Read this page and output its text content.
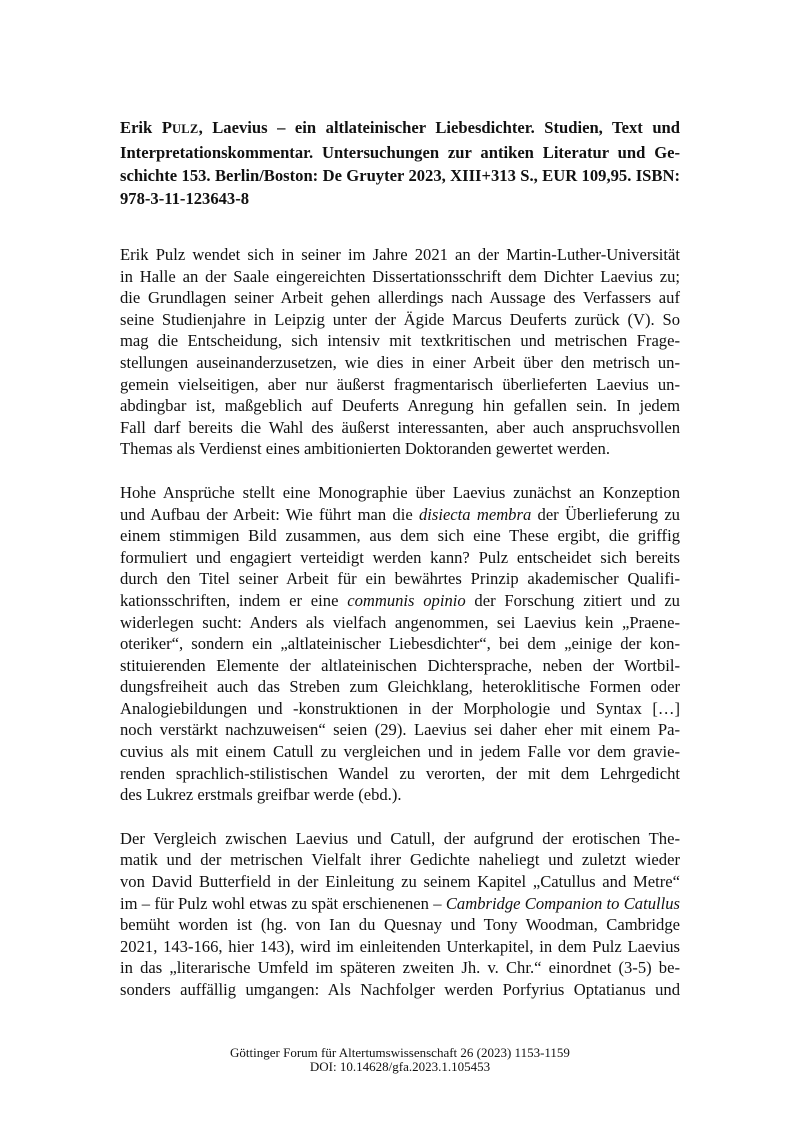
Erik PULZ, Laevius – ein altlateinischer Liebesdichter. Studien, Text und
Interpretationskommentar. Untersuchungen zur antiken Literatur und Ge-
schichte 153. Berlin/Boston: De Gruyter 2023, XIII+313 S., EUR 109,95. ISBN:
978-3-11-123643-8
Erik Pulz wendet sich in seiner im Jahre 2021 an der Martin-Luther-Universität
in Halle an der Saale eingereichten Dissertationsschrift dem Dichter Laevius zu;
die Grundlagen seiner Arbeit gehen allerdings nach Aussage des Verfassers auf
seine Studienjahre in Leipzig unter der Ägide Marcus Deuferts zurück (V). So
mag die Entscheidung, sich intensiv mit textkritischen und metrischen Frage-
stellungen auseinanderzusetzen, wie dies in einer Arbeit über den metrisch un-
gemein vielseitigen, aber nur äußerst fragmentarisch überlieferten Laevius un-
abdingbar ist, maßgeblich auf Deuferts Anregung hin gefallen sein. In jedem
Fall darf bereits die Wahl des äußerst interessanten, aber auch anspruchsvollen
Themas als Verdienst eines ambitionierten Doktoranden gewertet werden.
Hohe Ansprüche stellt eine Monographie über Laevius zunächst an Konzeption
und Aufbau der Arbeit: Wie führt man die disiecta membra der Überlieferung zu
einem stimmigen Bild zusammen, aus dem sich eine These ergibt, die griffig
formuliert und engagiert verteidigt werden kann? Pulz entscheidet sich bereits
durch den Titel seiner Arbeit für ein bewährtes Prinzip akademischer Qualifi-
kationsschriften, indem er eine communis opinio der Forschung zitiert und zu
widerlegen sucht: Anders als vielfach angenommen, sei Laevius kein „Praene-
oteriker“, sondern ein „altlateinischer Liebesdichter“, bei dem „einige der kon-
stituierenden Elemente der altlateinischen Dichtersprache, neben der Wortbil-
dungsfreiheit auch das Streben zum Gleichklang, heteroklitische Formen oder
Analogiebildungen und -konstruktionen in der Morphologie und Syntax […]
noch verstärkt nachzuweisen“ seien (29). Laevius sei daher eher mit einem Pa-
cuvius als mit einem Catull zu vergleichen und in jedem Falle vor dem gravie-
renden sprachlich-stilistischen Wandel zu verorten, der mit dem Lehrgedicht
des Lukrez erstmals greifbar werde (ebd.).
Der Vergleich zwischen Laevius und Catull, der aufgrund der erotischen The-
matik und der metrischen Vielfalt ihrer Gedichte naheliegt und zuletzt wieder
von David Butterfield in der Einleitung zu seinem Kapitel „Catullus and Metre“
im – für Pulz wohl etwas zu spät erschienenen – Cambridge Companion to Catullus
bemüht worden ist (hg. von Ian du Quesnay und Tony Woodman, Cambridge
2021, 143-166, hier 143), wird im einleitenden Unterkapitel, in dem Pulz Laevius
in das „literarische Umfeld im späteren zweiten Jh. v. Chr.“ einordnet (3-5) be-
sonders auffällig umgangen: Als Nachfolger werden Porfyrius Optatianus und
Göttinger Forum für Altertumswissenschaft 26 (2023) 1153-1159
DOI: 10.14628/gfa.2023.1.105453
